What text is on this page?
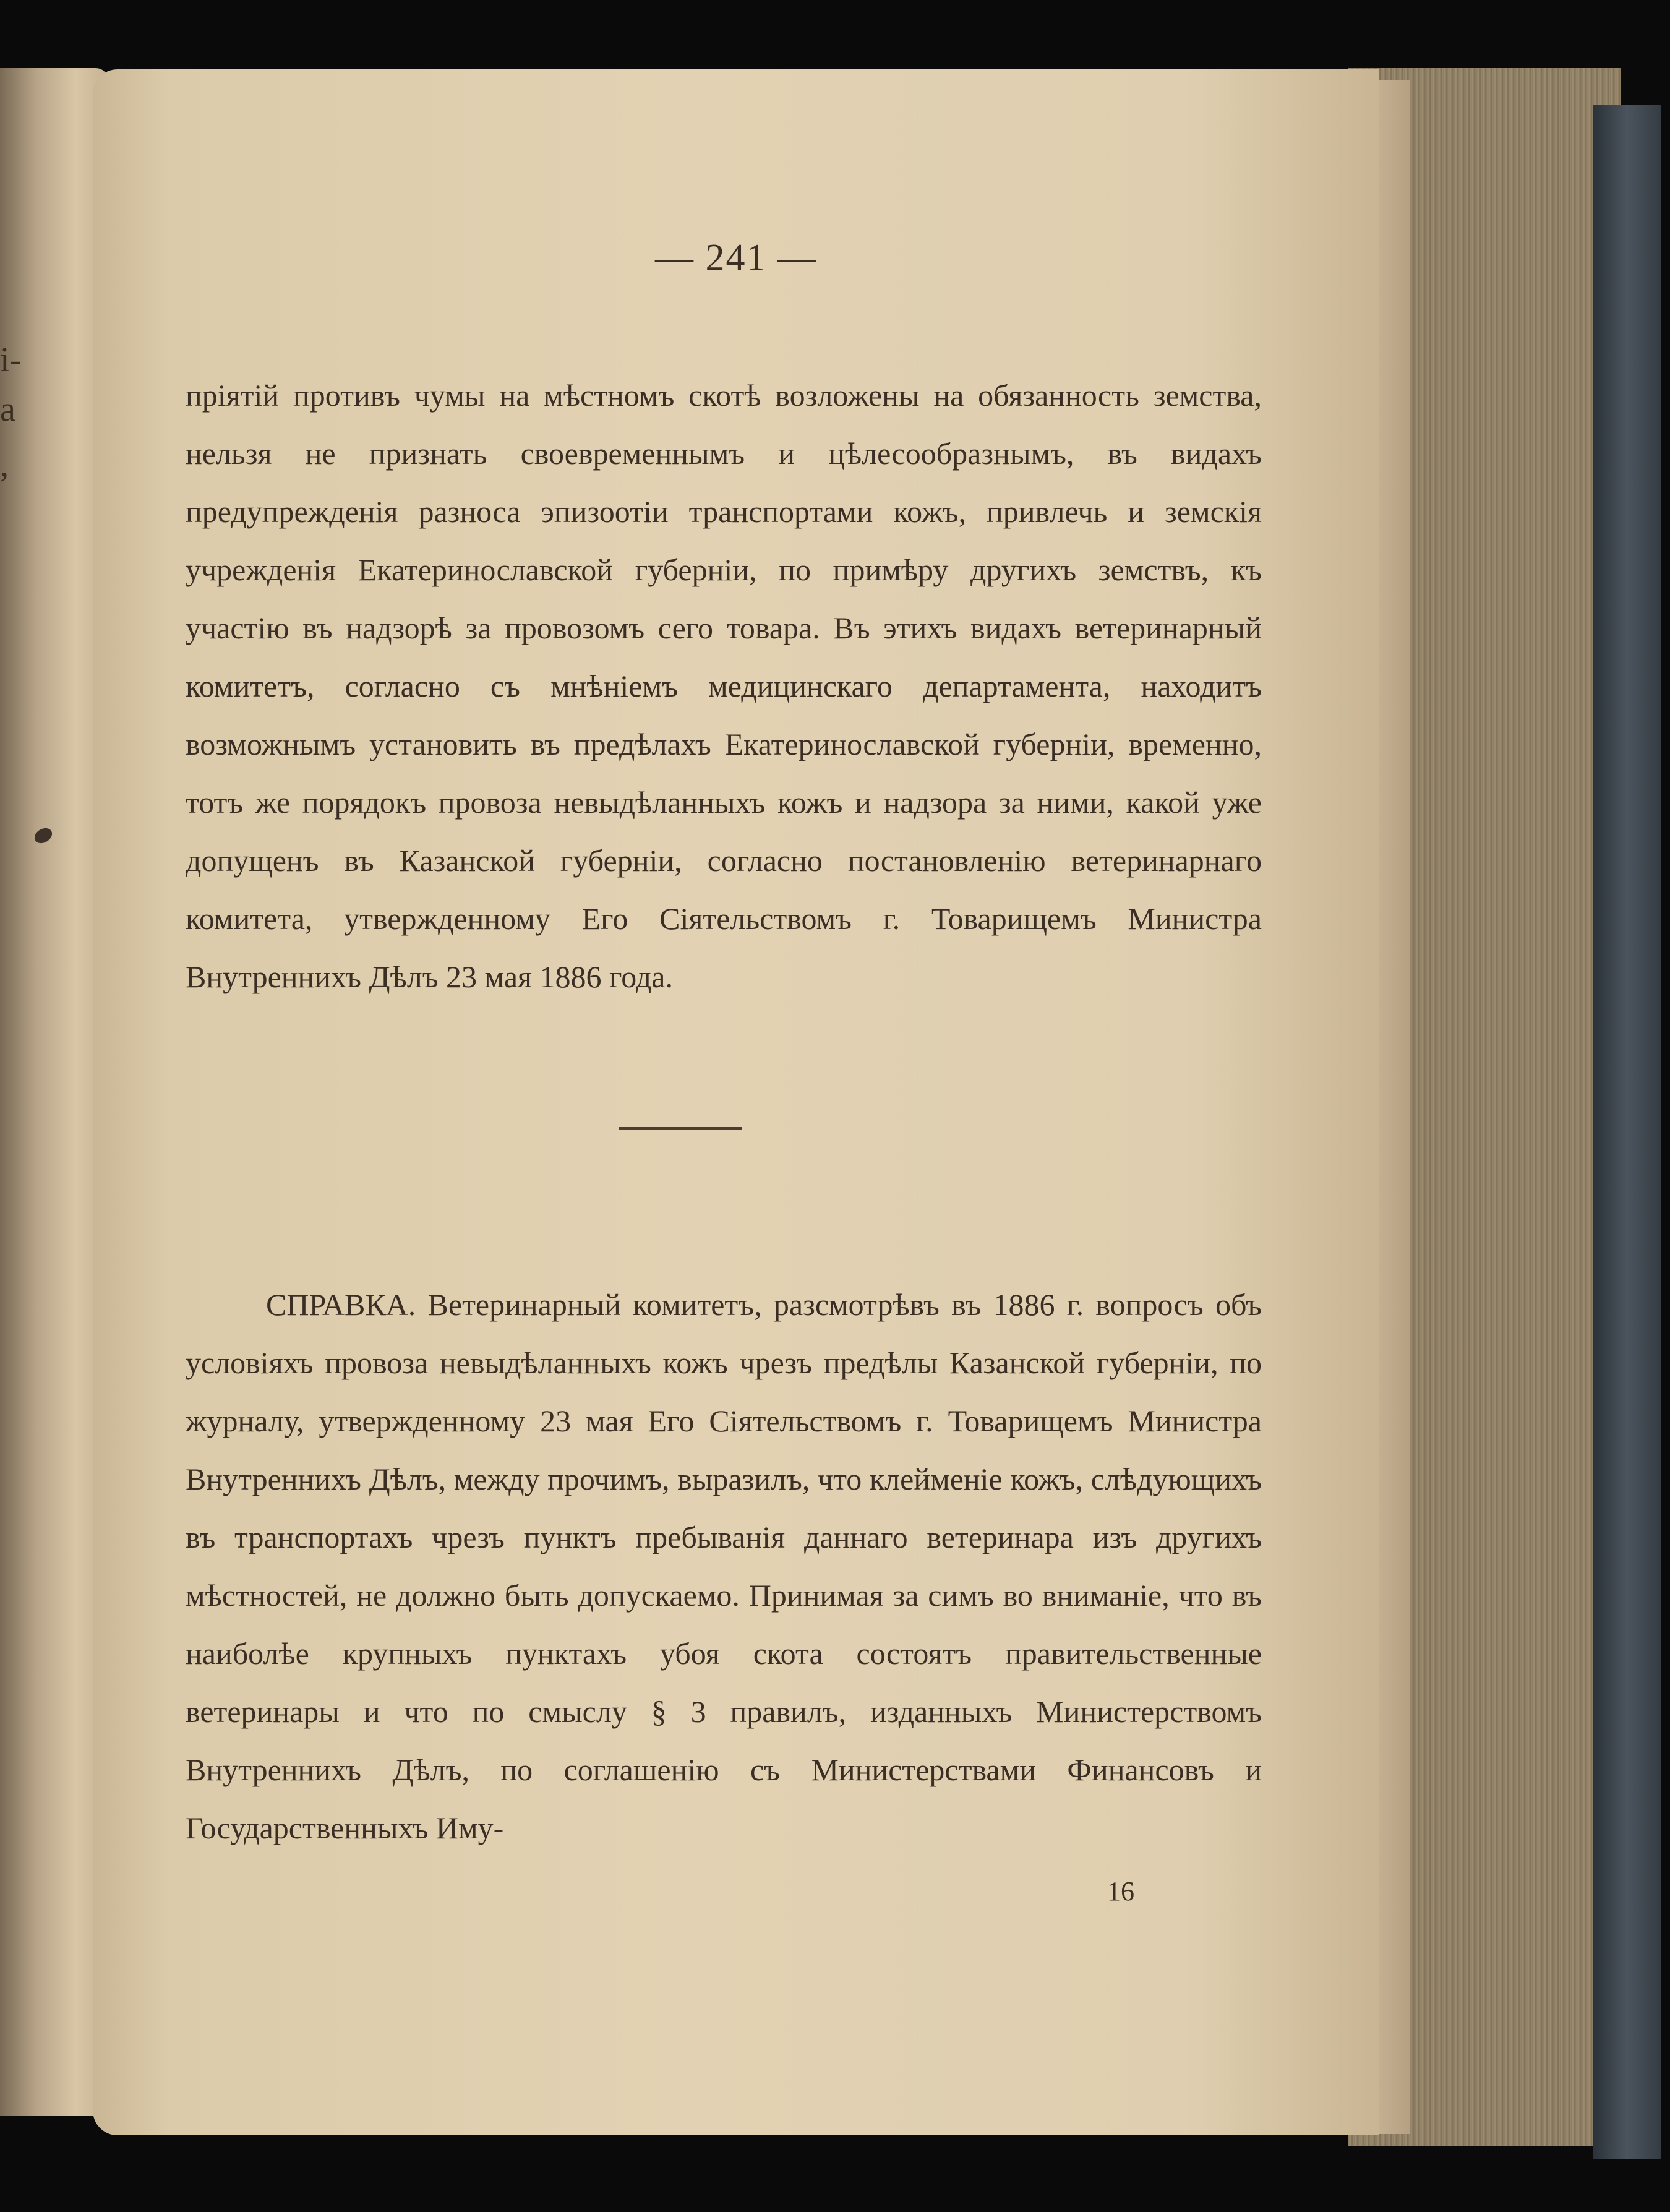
і-
а
,
— 241 —

пріятій противъ чумы на мѣстномъ скотѣ возложены на обязанность земства, нельзя не признать своевременнымъ и цѣлесообразнымъ, въ видахъ предупрежденія разноса эпизоотіи транспортами кожъ, привлечь и земскія учрежденія Екатеринославской губерніи, по примѣру другихъ земствъ, къ участію въ надзорѣ за провозомъ сего товара. Въ этихъ видахъ ветеринарный комитетъ, согласно съ мнѣніемъ медицинскаго департамента, находитъ возможнымъ установить въ предѣлахъ Екатеринославской губерніи, временно, тотъ же порядокъ провоза невыдѣланныхъ кожъ и надзора за ними, какой уже допущенъ въ Казанской губерніи, согласно постановленію ветеринарнаго комитета, утвержденному Его Сіятельствомъ г. Товарищемъ Министра Внутреннихъ Дѣлъ 23 мая 1886 года.

СПРАВКА. Ветеринарный комитетъ, разсмотрѣвъ въ 1886 г. вопросъ объ условіяхъ провоза невыдѣланныхъ кожъ чрезъ предѣлы Казанской губерніи, по журналу, утвержденному 23 мая Его Сіятельствомъ г. Товарищемъ Министра Внутреннихъ Дѣлъ, между прочимъ, выразилъ, что клейменіе кожъ, слѣдующихъ въ транспортахъ чрезъ пунктъ пребыванія даннаго ветеринара изъ другихъ мѣстностей, не должно быть допускаемо. Принимая за симъ во вниманіе, что въ наиболѣе крупныхъ пунктахъ убоя скота состоятъ правительственные ветеринары и что по смыслу § 3 правилъ, изданныхъ Министерствомъ Внутреннихъ Дѣлъ, по соглашенію съ Министерствами Финансовъ и Государственныхъ Иму-

16
